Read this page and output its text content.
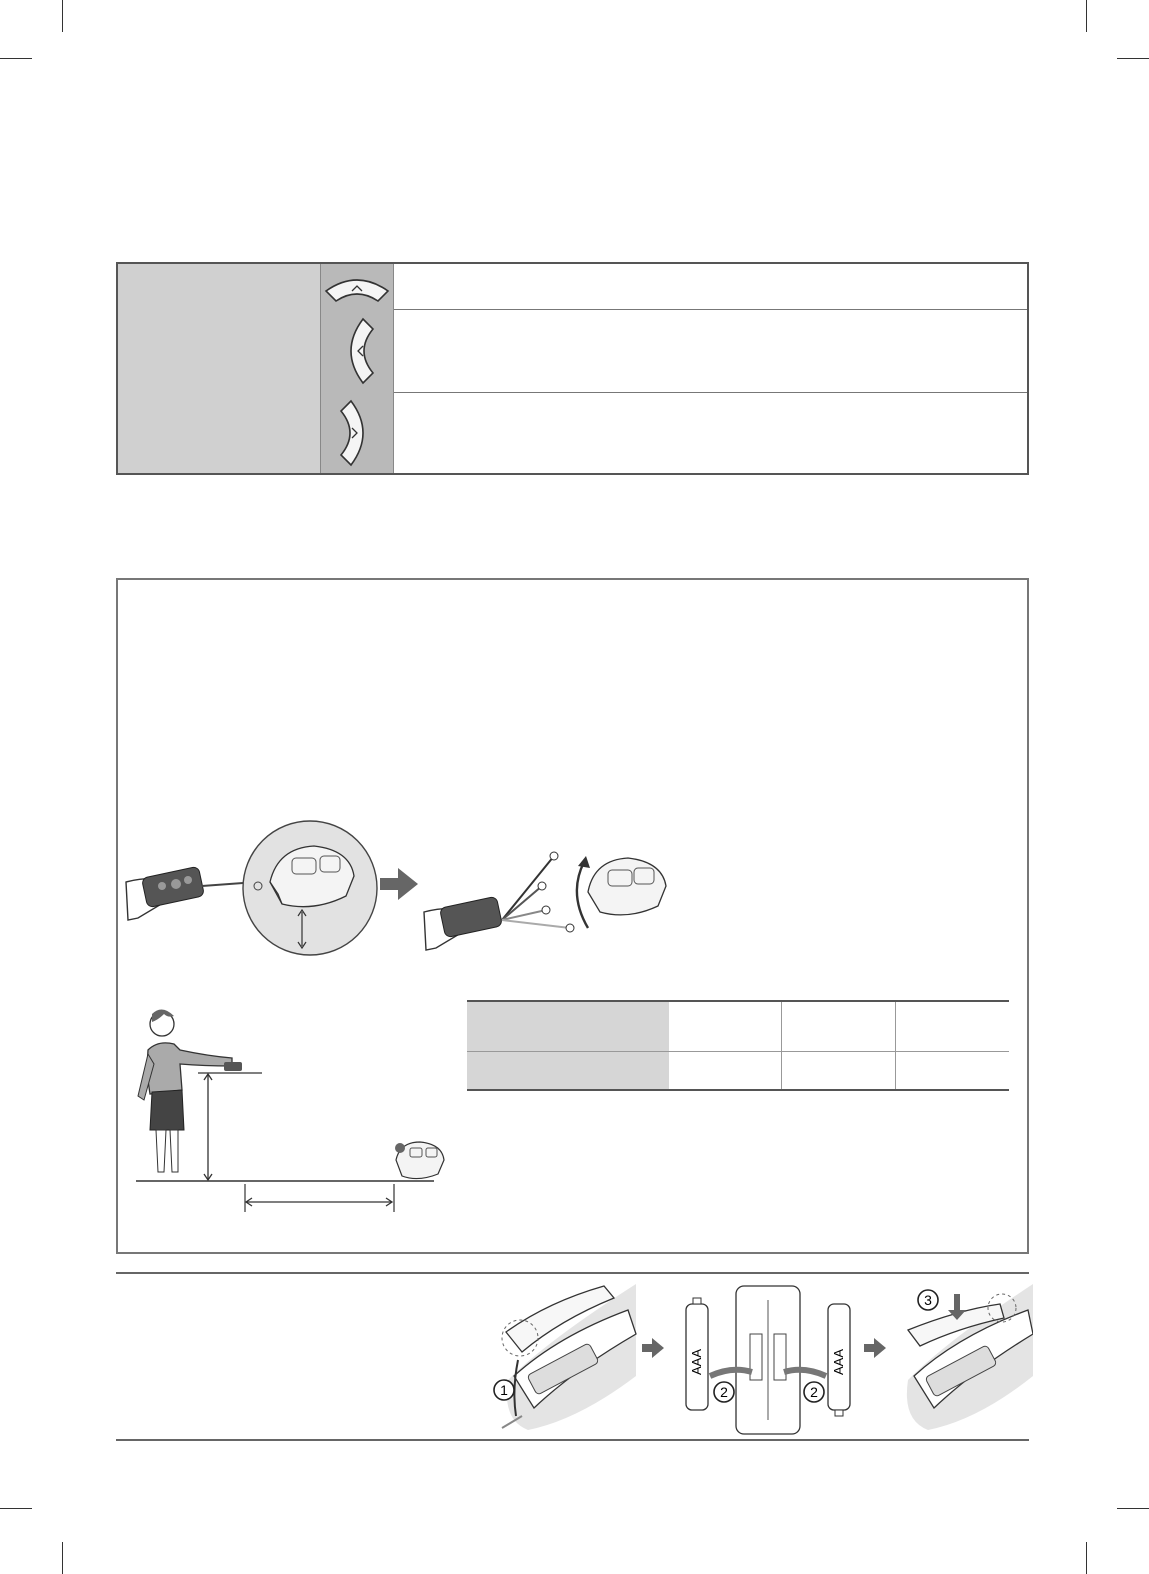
1
AAA	AAA
2	2
3
